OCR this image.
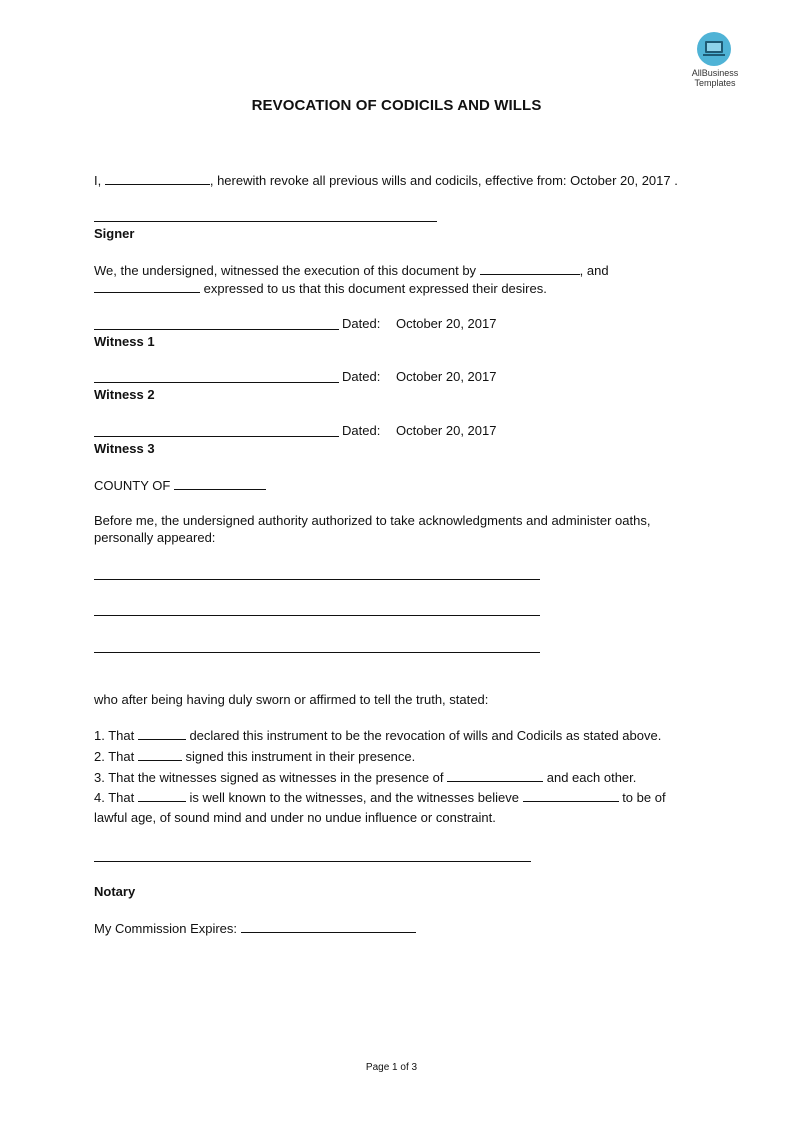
AllBusiness
Templates
REVOCATION OF CODICILS AND WILLS
I,	, herewith revoke all previous wills and codicils, effective from: October 20, 2017 .
Signer
We, the undersigned, witnessed the execution of this document by	, and
expressed to us that this document expressed their desires.
Dated: October 20, 2017
Witness 1
Dated: October 20, 2017
Witness 2
Dated: October 20, 2017
Witness 3
COUNTY OF
Before me, the undersigned authority authorized to take acknowledgments and administer oaths,
personally appeared:
who after being having duly sworn or affirmed to tell the truth, stated:
1. That	declared this instrument to be the revocation of wills and Codicils as stated above.
2. That	signed this instrument in their presence.
3. That the witnesses signed as witnesses in the presence of	and each other.
4. That	is well known to the witnesses, and the witnesses believe	to be of
lawful age, of sound mind and under no undue influence or constraint.
Notary
My Commission Expires:
Page 1 of 3
